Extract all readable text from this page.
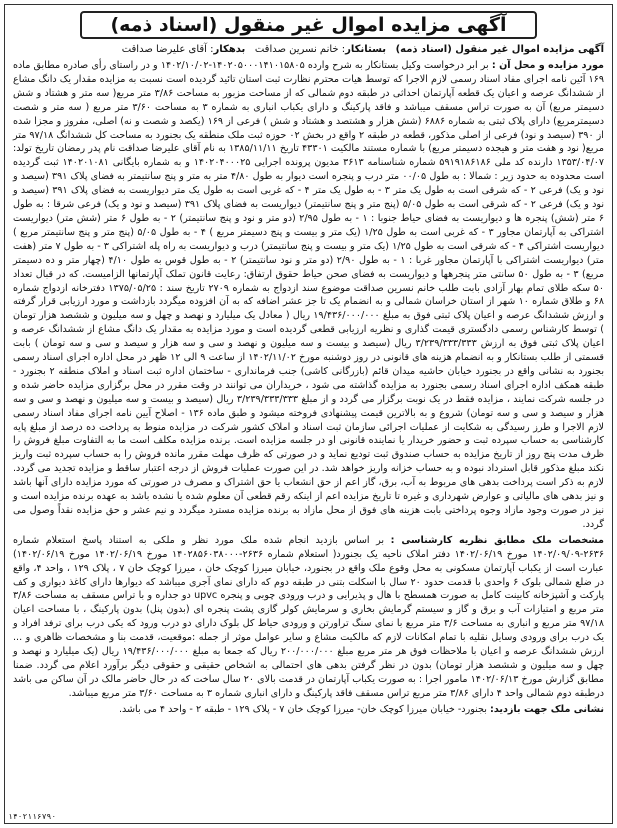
آگهی مزایده اموال غیر منقول (اسناد ذمه)
آگهی مزایده اموال غیر منقول (اسناد ذمه)   بستانکار: خانم نسرین صداقت   بدهکار: آقای علیرضا صداقت
مورد مزایده و محل آن : بر ابر درخواست وکیل بستانکار به شرح وارده ۱۴۰۲۰۵۰۰۰۱۴۱۰۱۵۸۰۵-۱۴۰۲/۱۰/۰۲ و در راستای رأی صادره مطابق ماده ۱۶۹ آئین نامه اجرای مفاد اسناد رسمی لازم الاجرا که توسط هیات محترم نظارت ثبت استان تائید گردیده است نسبت به مزایده مقدار یک دانگ مشاع از ششدانگ عرصه و اعیان یک قطعه آپارتمان احداثی در طبقه دوم شمالی که از مساحت مزبور به مساحت ۳/۸۶ متر مربع( سه متر و هشتاد و شش دسیمتر مربع) آن به صورت تراس مسقف میباشد و فاقد پارکینگ و دارای یکباب انباری به شماره ۳ به مساحت ۳/۶۰ متر مربع ( سه متر و شصت دسیمترمربع) دارای پلاک ثبتی به شماره ۶۸۸۶ (شش هزار و هشتصد و هشتاد و شش ) فرعی از ۱۶۹ (یکصد و شصت و نه) اصلی، مفروز و مجزا شده از ۳۹۰ (سیصد و نود) فرعی از اصلی مذکور، قطعه در طبقه ۲ واقع در بخش ۰۲ حوزه ثبت ملک منطقه یک بجنورد به مساحت کل ششدانگ ۹۷/۱۸ متر مربع( نود و هفت متر و هیجده دسیمتر مربع) با شماره مستند مالکیت ۴۳۳۰۱ تاریخ ۱۳۸۵/۱۱/۱۱ به نام آقای علیرضا صداقت نام پدر رمضان تاریخ تولد: ۱۳۵۳/۰۴/۰۷ دارنده کد ملی ۵۹۱۹۱۸۶۱۸۶ شماره شناسنامه ۳۶۱۳ مدیون پرونده اجرایی ۱۴۰۲۰۴۰۰۰۲۵ و به شماره بایگانی ۱۴۰۲۰۱۰۸۱ ثبت گردیده است محدوده به حدود زیر : شمالا : به طول ۰۰/۰۵ متر درب و پنجره است دیوار به طول ۴/۸۰ متر به متر و پنج سانتیمتر به فضای پلاک ۳۹۱ (سیصد و نود و یک) فرعی ۲ - که شرقی است به طول یک متر ۳ - به طول یک متر ۴ - که غربی است به طول یک متر دیواریست به فضای پلاک ۳۹۱ (سیصد و نود و یک) فرعی ۲ - که شرقی است به طول ۵/۰۵ (پنج متر و پنج سانتیمتر) دیواریست به فضای پلاک ۳۹۱ (سیصد و نود و یک) فرعی شرقا : به طول ۶ متر (شش) پنجره ها و دیواریست به فضای حیاط جنوبا : ۱ - به طول ۲/۹۵ (دو متر و نود و پنج سانتیمتر) ۲ - به طول ۶ متر (شش متر) دیواریست اشتراکی به آپارتمان مجاور ۳ - که غربی است به طول ۱/۲۵ (یک متر و بیست و پنج دسیمتر مربع ) ۴ - به طول ۵/۰۵ (پنج متر و پنج سانتیمتر مربع ) دیواریست اشتراکی ۴ - که شرقی است به طول ۱/۲۵ (یک متر و بیست و پنج سانتیمتر) درب و دیواریست به راه پله اشتراکی ۳ - به طول ۷ متر (هفت متر) دیواریست اشتراکی با آپارتمان مجاور غربا : ۱ - به طول ۲/۹۰ (دو متر و نود سانتیمتر) ۲ - به طول قوس به طول ۴/۱۰ (چهار متر و ده دسیمتر مربع) ۳ - به طول ۵۰ سانتی متر پنجرهها و دیواریست به فضای صحن حیاط حقوق ارتفاق: رعایت قانون تملک آپارتمانها الزامیست. که در قبال تعداد ۵۰ سکه طلای تمام بهار آزادی بابت طلب خانم نسرین صداقت موضوع سند ازدواج به شماره ۲۷۰۹ تاریخ سند : ۱۳۷۵/۰۵/۲۵ دفترخانه ازدواج شماره ۶۸ و طلاق شماره ۱۰ شهر از استان خراسان شمالی و به انضمام یک تا جز عشر اضافه که به آن افزوده میگردد بازداشت و مورد ارزیابی قرار گرفته و ارزش ششدانگ عرصه و اعیان پلاک ثبتی فوق به مبلغ ۱۹/۴۳۶/۰۰۰/۰۰۰ ریال ( معادل یک میلیارد و نهصد و چهل و سه میلیون و ششصد هزار تومان ) توسط کارشناس رسمی دادگستری قیمت گذاری و نظریه ارزیابی قطعی گردیده است و مورد مزایده به مقدار یک دانگ مشاع از ششدانگ عرصه و اعیان پلاک ثبتی فوق به ارزش ۳/۲۳۹/۳۳۳/۳۳۳ ریال (سیصد و بیست و سه میلیون و نهصد و سی و سه هزار و سیصد و سی و سه تومان ) بابت قسمتی از طلب بستانکار و به انضمام هزینه های قانونی در روز دوشنبه مورخ ۱۴۰۲/۱۱/۰۲ از ساعت ۹ الی ۱۲ ظهر در محل اداره اجرای اسناد رسمی بجنورد به نشانی واقع در بجنورد خیابان حاشیه میدان قائم (بازرگانی کاشی) جنب فرمانداری - ساختمان اداره ثبت اسناد و املاک منطقه ۲ بجنورد - طبقه همکف اداره اجرای اسناد رسمی بجنورد به مزایده گذاشته می شود ، خریداران می توانند در وقت مقرر در محل برگزاری مزایده حاضر شده و در جلسه شرکت نمایند ، مزایده فقط در یک نوبت برگزار می گردد و از مبلغ ۳/۲۳۹/۳۳۳/۳۳۳ ریال (سیصد و بیست و سه میلیون و نهصد و سی و سه هزار و سیصد و سی و سه تومان) شروع و به بالاترین قیمت پیشنهادی فروخته میشود و طبق ماده ۱۳۶ - اصلاح آیین نامه اجرای مفاد اسناد رسمی لازم الاجرا و طرز رسیدگی به شکایت از عملیات اجرائی سازمان ثبت اسناد و املاک کشور شرکت در مزایده منوط به پرداخت ده درصد از مبلغ پایه کارشناسی به حساب سپرده ثبت و حضور خریدار یا نماینده قانونی او در جلسه مزایده است. برنده مزایده مکلف است ما به التفاوت مبلغ فروش را ظرف مدت پنج روز از تاریخ مزایده به حساب صندوق ثبت تودیع نماید و در صورتی که ظرف مهلت مقرر مانده فروش را به حساب سپرده ثبت واریز نکند مبلغ مذکور قابل استرداد نبوده و به حساب خزانه واریز خواهد شد. در این صورت عملیات فروش از درجه اعتبار ساقط و مزایده تجدید می گردد. لازم به ذکر است پرداخت بدهی های مربوط به آب، برق، گاز اعم از حق انشعاب یا حق اشتراک و مصرف در صورتی که مورد مزایده دارای آنها باشد و نیز بدهی های مالیاتی و عوارض شهرداری و غیره تا تاریخ مزایده اعم از اینکه رقم قطعی آن معلوم شده یا نشده باشد به عهده برنده مزایده است و نیز در صورت وجود مازاد وجوه پرداختی بابت هزینه های فوق از محل مازاد به برنده مزایده مسترد میگردد و نیم عشر و حق مزایده نقداً وصول می گردد.
مشخصات ملک مطابق نظریه کارشناسی : بر اساس بازدید انجام شده ملک مورد نظر و ملکی به استناد پاسخ استعلام شماره ۲۶۳۶-۱۴۰۲/۰۹/۰۹ مورخ ۱۴۰۲/۰۶/۱۹ دفتر املاک ناحیه یک بجنورد( استعلام شماره ۲۶۳۶-۱۴۰۲۸۵۶۰۳۸۰۰۰ مورخ ۱۴۰۲/۰۶/۱۹ مورخ ۱۴۰۲/۰۶/۱۹) عبارت است از یکباب آپارتمان مسکونی به محل وقوع ملک واقع در بجنورد، خیابان میرزا کوچک خان ، میرزا کوچک خان ۷ ، پلاک ۱۲۹ ، واحد ۴، واقع در ضلع شمالی بلوک ۶ واحدی با قدمت حدود ۲۰ سال با اسکلت بتنی در طبقه دوم که دارای نمای آجری میباشد که دیوارها دارای کاغذ دیواری و کف پارکت و آشپزخانه کابینت کامل به صورت همسطح با هال و پذیرایی و درب ورودی چوبی و پنجره upvc دو جداره و با تراس مسقف به مساحت ۳/۸۶ متر مربع و امتیازات آب و برق و گاز و سیستم گرمایش بخاری و سرمایش کولر گازی پشت پنجره ای (بدون پنل) بدون پارکینگ ، با مساحت اعیان ۹۷/۱۸ متر مربع و انباری به مساحت ۳/۶ متر مربع با نمای سنگ تراورتن و ورودی حیاط کل بلوک دارای دو درب ورود که یکی درب برای ترفد افراد و یک درب برای ورودی وسایل نقلیه با تمام امکانات لازم که مالکیت مشاع و سایر عوامل موثر از جمله :موقعیت، قدمت بنا و مشخصات ظاهری و ... ارزش ششدانگ عرصه و اعیان با ملاحظات فوق هر متر مربع مبلغ ۲۰۰/۰۰۰/۰۰۰ ریال که جمعا به مبلغ ۱۹/۴۳۶/۰۰۰/۰۰۰ ریال (یک میلیارد و نهصد و چهل و سه میلیون و ششصد هزار تومان) بدون در نظر گرفتن بدهی های احتمالی به اشخاص حقیقی و حقوقی دیگر برآورد اعلام می گردد. ضمنا مطابق گزارش مورخ ۱۴۰۲/۰۶/۱۳ مامور اجرا : به صورت یکباب آپارتمان در قدمت بالای ۲۰ سال ساخت که در حال حاضر مالک در آن ساکن می باشد درطبقه دوم شمالی واحد ۴ دارای ۳/۸۶ متر مربع تراس مسقف فاقد پارکینگ و دارای انباری شماره ۳ به مساحت ۳/۶۰ متر مربع میباشد.
نشانی ملک جهت بازدید: بجنورد- خیابان میرزا کوچک خان- میرزا کوچک خان ۷ - پلاک ۱۲۹ - طبقه ۲ - واحد ۴ می باشد.
۱۴۰۲۱۱۶۷۹۰
